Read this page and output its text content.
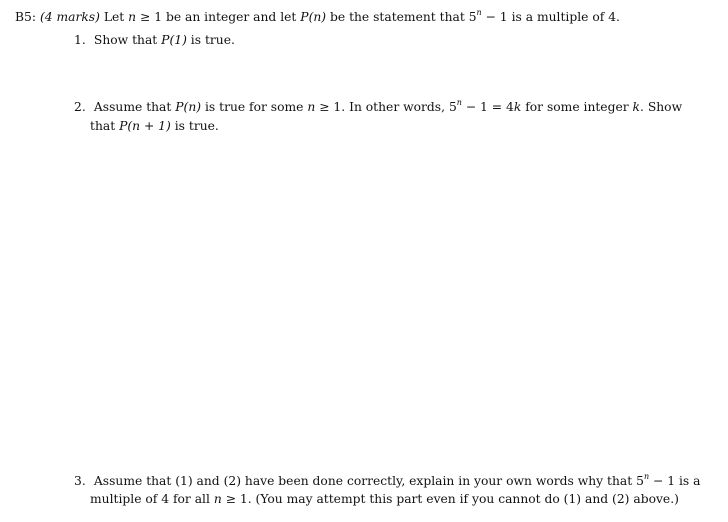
B5: (4 marks) Let n ≥ 1 be an integer and let P(n) be the statement that $5^n - 1$ is a multiple of 4.
1. Show that P(1) is true.
2. Assume that P(n) is true for some n ≥ 1. In other words, $5^n - 1 = 4k$ for some integer k. Show
that P(n + 1) is true.
3. Assume that (1) and (2) have been done correctly, explain in your own words why that $5^n - 1$ is a
multiple of 4 for all n ≥ 1. (You may attempt this part even if you cannot do (1) and (2) above.)
